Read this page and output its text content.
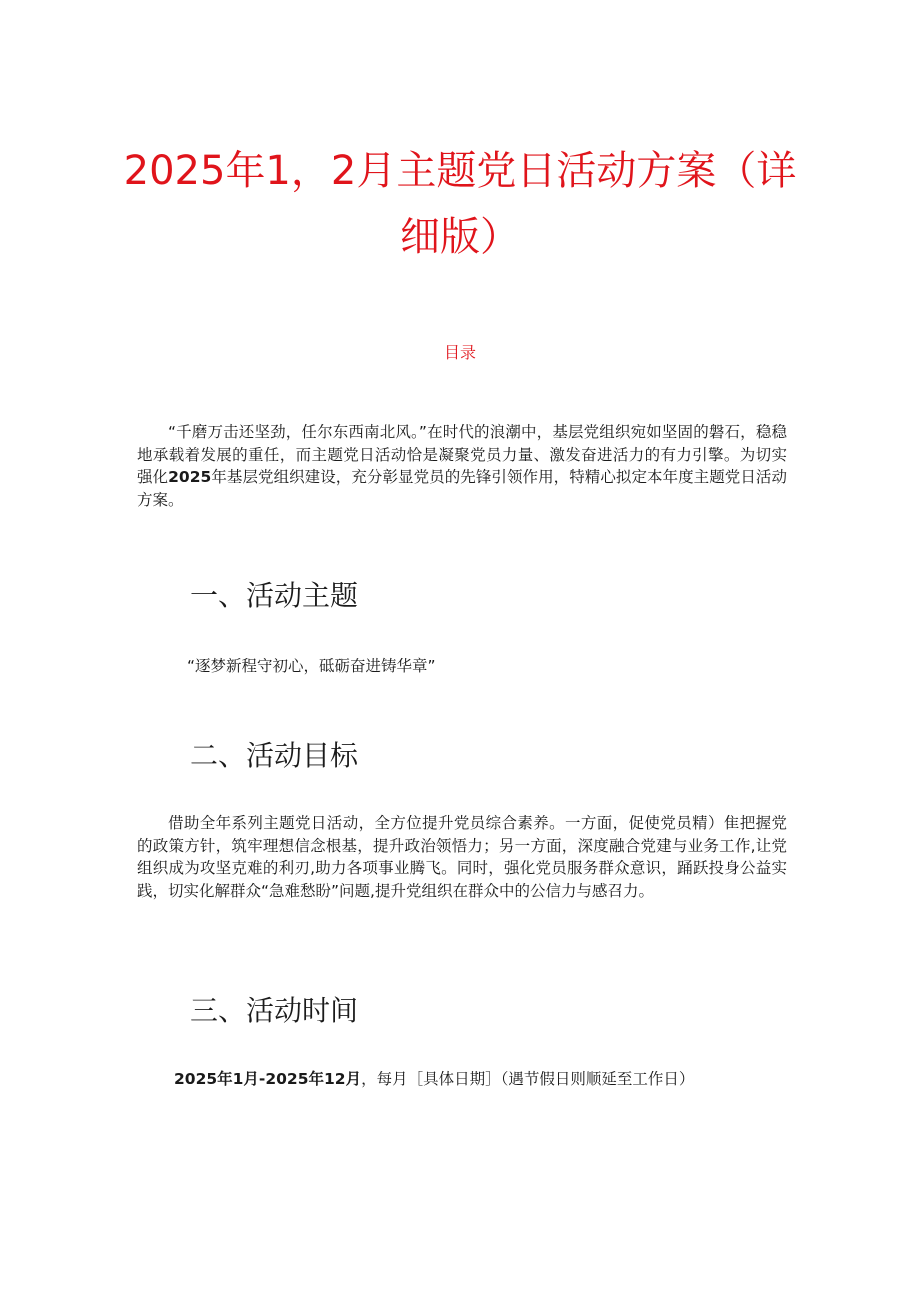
2025年1，2月主题党日活动方案（详细版）
目录

“千磨万击还坚劲，任尔东西南北风。”在时代的浪潮中，基层党组织宛如坚固的磐石，稳稳地承载着发展的重任，而主题党日活动恰是凝聚党员力量、激发奋进活力的有力引擎。为切实强化2025年基层党组织建设，充分彰显党员的先锋引领作用，特精心拟定本年度主题党日活动方案。

一、活动主题

“逐梦新程守初心，砥砺奋进铸华章”

二、活动目标

借助全年系列主题党日活动，全方位提升党员综合素养。一方面，促使党员精）隹把握党的政策方针，筑牢理想信念根基，提升政治领悟力；另一方面，深度融合党建与业务工作,让党组织成为攻坚克难的利刃,助力各项事业腾飞。同时，强化党员服务群众意识，踊跃投身公益实践，切实化解群众“急难愁盼”问题,提升党组织在群众中的公信力与感召力。

三、活动时间

2025年1月-2025年12月，每月［具体日期］（遇节假日则顺延至工作日）
